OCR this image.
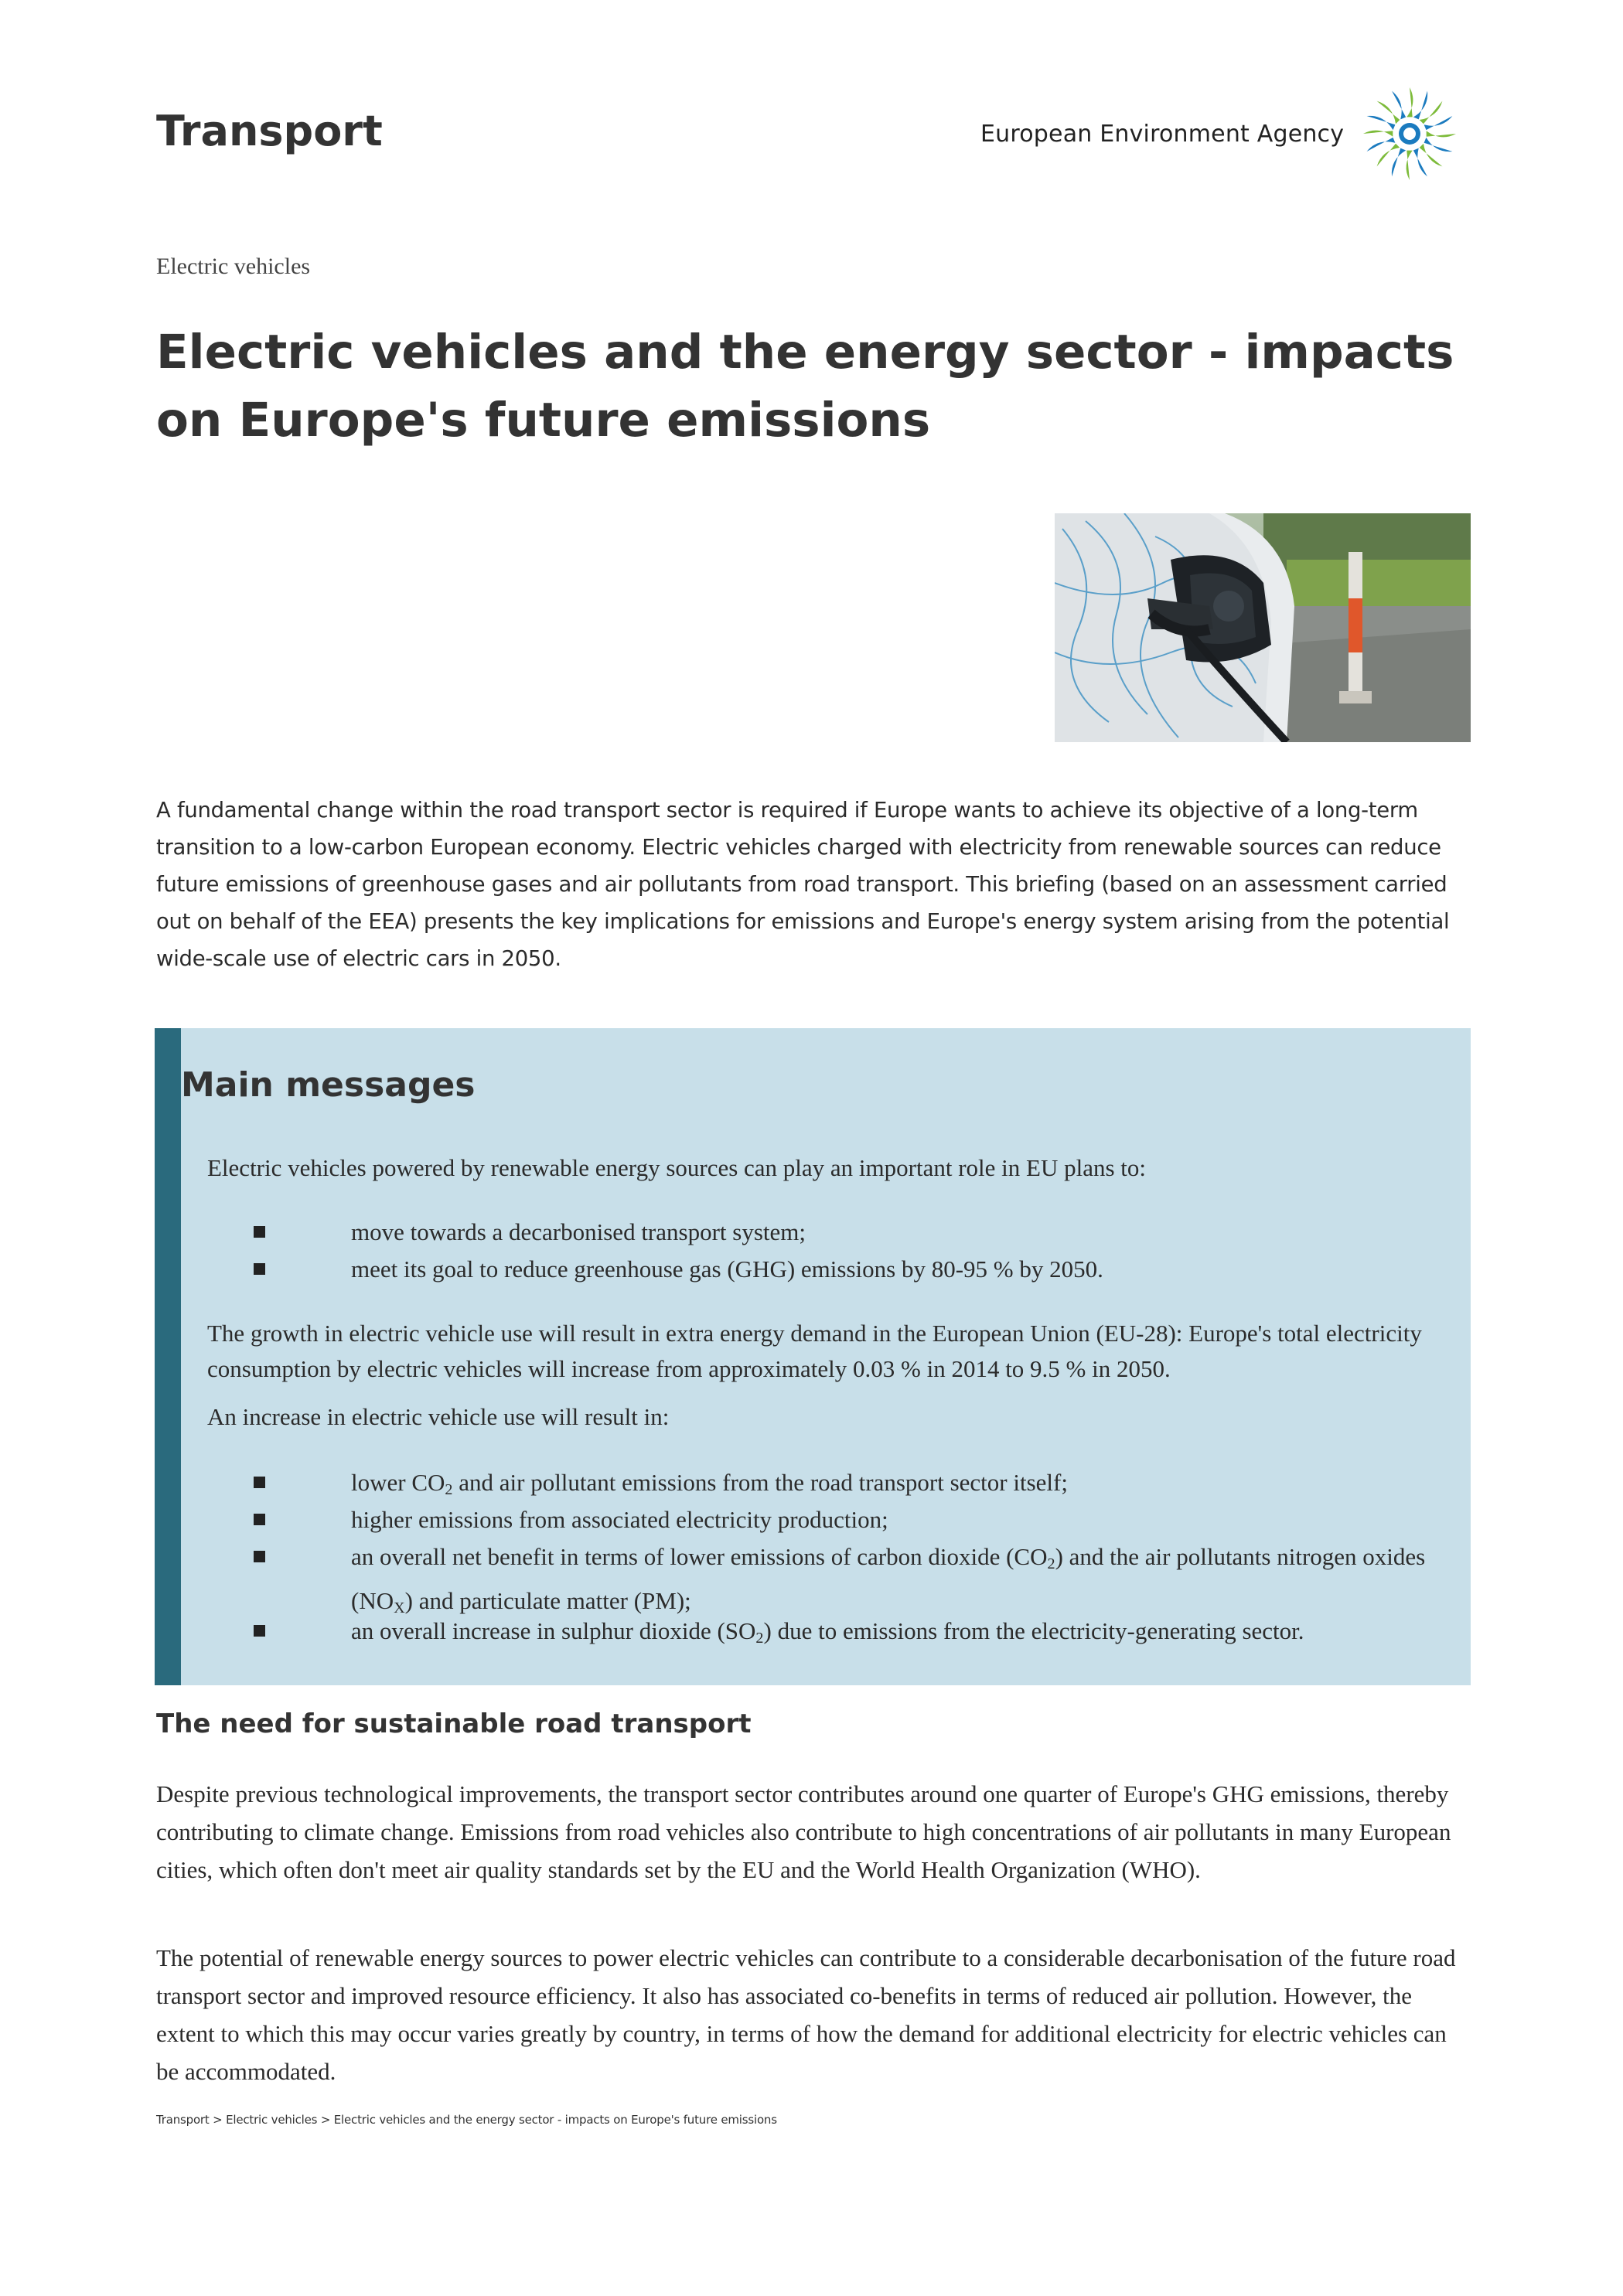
Transport	European Environment Agency
Electric vehicles
Electric vehicles and the energy sector - impacts on Europe's future emissions

A fundamental change within the road transport sector is required if Europe wants to achieve its objective of a long-term transition to a low-carbon European economy. Electric vehicles charged with electricity from renewable sources can reduce future emissions of greenhouse gases and air pollutants from road transport. This briefing (based on an assessment carried out on behalf of the EEA) presents the key implications for emissions and Europe's energy system arising from the potential wide-scale use of electric cars in 2050.

Main messages

Electric vehicles powered by renewable energy sources can play an important role in EU plans to:

move towards a decarbonised transport system;
meet its goal to reduce greenhouse gas (GHG) emissions by 80-95 % by 2050.

The growth in electric vehicle use will result in extra energy demand in the European Union (EU-28): Europe's total electricity consumption by electric vehicles will increase from approximately 0.03 % in 2014 to 9.5 % in 2050.

An increase in electric vehicle use will result in:

lower $CO_2$ and air pollutant emissions from the road transport sector itself;
higher emissions from associated electricity production;
an overall net benefit in terms of lower emissions of carbon dioxide $(CO_2)$ and the air pollutants nitrogen oxides $(NO_X)$ and particulate matter (PM);
an overall increase in sulphur dioxide $(SO_2)$ due to emissions from the electricity-generating sector.
The need for sustainable road transport

Despite previous technological improvements, the transport sector contributes around one quarter of Europe's GHG emissions, thereby contributing to climate change. Emissions from road vehicles also contribute to high concentrations of air pollutants in many European cities, which often don't meet air quality standards set by the EU and the World Health Organization (WHO).

The potential of renewable energy sources to power electric vehicles can contribute to a considerable decarbonisation of the future road transport sector and improved resource efficiency. It also has associated co-benefits in terms of reduced air pollution. However, the extent to which this may occur varies greatly by country, in terms of how the demand for additional electricity for electric vehicles can be accommodated.

Transport > Electric vehicles > Electric vehicles and the energy sector - impacts on Europe's future emissions
